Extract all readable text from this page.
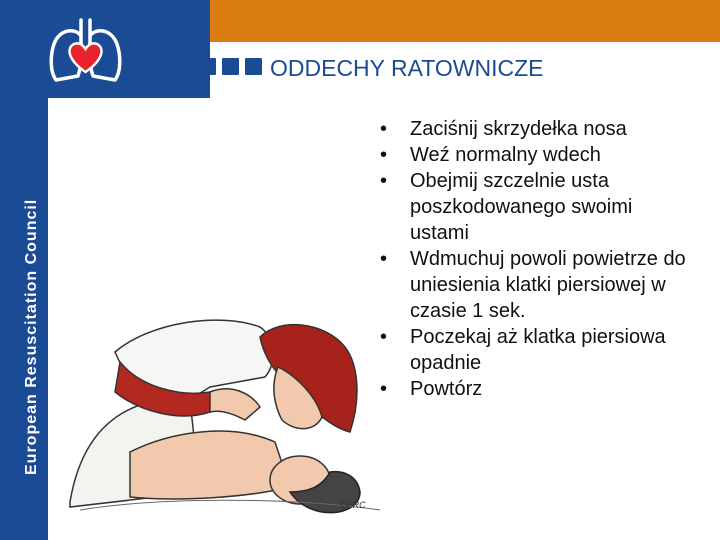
European Resuscitation Council
ODDECHY RATOWNICZE
• Zaciśnij skrzydełka nosa
• Weź normalny wdech
• Obejmij szczelnie usta poszkodowanego swoimi ustami
• Wdmuchuj powoli powietrze do uniesienia klatki piersiowej w czasie 1 sek.
• Poczekaj aż klatka piersiowa opadnie
• Powtórz
©ERC
